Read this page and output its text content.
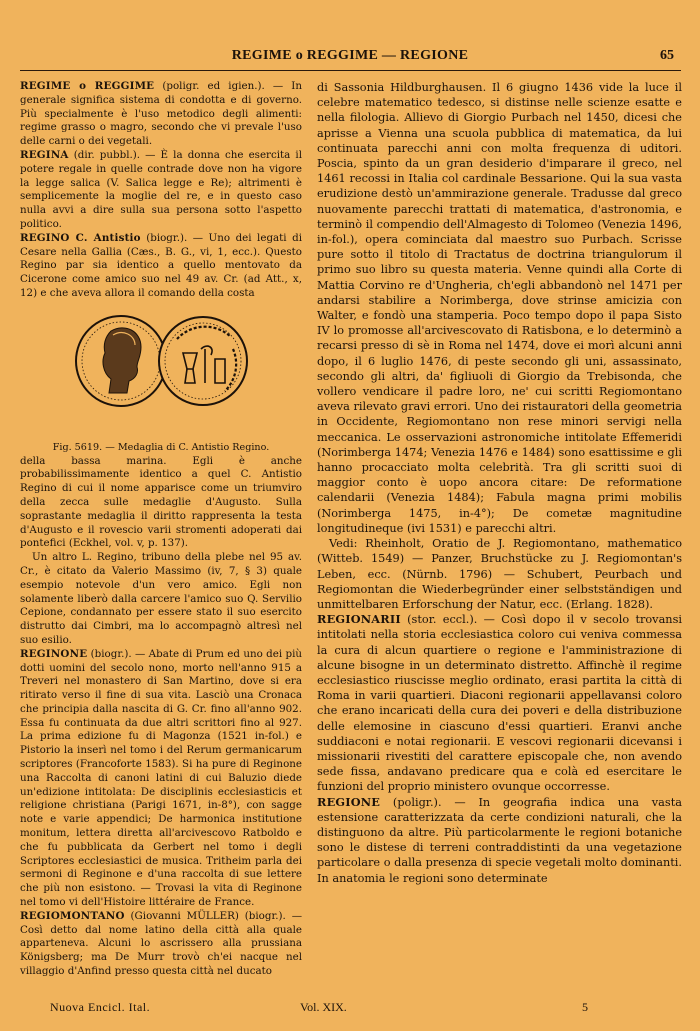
REGIME o REGGIME — REGIONE	65

REGIME o REGGIME (poligr. ed igien.). — In generale significa sistema di condotta e di governo. Più specialmente è l'uso metodico degli alimenti: regime grasso o magro, secondo che vi prevale l'uso delle carni o dei vegetali.

REGINA (dir. pubbl.). — È la donna che esercita il potere regale in quelle contrade dove non ha vigore la legge salica (V. Salica legge e Re); altrimenti è semplicemente la moglie del re, e in questo caso nulla avvi a dire sulla sua persona sotto l'aspetto politico.

REGINO C. Antistio (biogr.). — Uno dei legati di Cesare nella Gallia (Cæs., B. G., vi, 1, ecc.). Questo Regino par sia identico a quello mentovato da Cicerone come amico suo nel 49 av. Cr. (ad Att., x, 12) e che aveva allora il comando della costa

Fig. 5619. — Medaglia di C. Antistio Regino.

della bassa marina. Egli è anche probabilissimamente identico a quel C. Antistio Regino di cui il nome apparisce come un triumviro della zecca sulle medaglie d'Augusto. Sulla soprastante medaglia il diritto rappresenta la testa d'Augusto e il rovescio varii stromenti adoperati dai pontefici (Eckhel, vol. v, p. 137).

Un altro L. Regino, tribuno della plebe nel 95 av. Cr., è citato da Valerio Massimo (iv, 7, § 3) quale esempio notevole d'un vero amico. Egli non solamente liberò dalla carcere l'amico suo Q. Servilio Cepione, condannato per essere stato il suo esercito distrutto dai Cimbri, ma lo accompagnò altresì nel suo esilio.

REGINONE (biogr.). — Abate di Prum ed uno dei più dotti uomini del secolo nono, morto nell'anno 915 a Treveri nel monastero di San Martino, dove si era ritirato verso il fine di sua vita. Lasciò una Cronaca che principia dalla nascita di G. Cr. fino all'anno 902. Essa fu continuata da due altri scrittori fino al 927. La prima edizione fu di Magonza (1521 in-fol.) e Pistorio la inserì nel tomo i del Rerum germanicarum scriptores (Francoforte 1583). Si ha pure di Reginone una Raccolta di canoni latini di cui Baluzio diede un'edizione intitolata: De disciplinis ecclesiasticis et religione christiana (Parigi 1671, in-8°), con sagge note e varie appendici; De harmonica institutione monitum, lettera diretta all'arcivescovo Ratboldo e che fu pubblicata da Gerbert nel tomo i degli Scriptores ecclesiastici de musica. Tritheim parla dei sermoni di Reginone e d'una raccolta di sue lettere che più non esistono. — Trovasi la vita di Reginone nel tomo vi dell'Histoire littéraire de France.

REGIOMONTANO (Giovanni MÜLLER) (biogr.). — Così detto dal nome latino della città alla quale apparteneva. Alcuni lo ascrissero alla prussiana Königsberg; ma De Murr trovò ch'ei nacque nel villaggio d'Anfind presso questa città nel ducato

di Sassonia Hildburghausen. Il 6 giugno 1436 vide la luce il celebre matematico tedesco, si distinse nelle scienze esatte e nella filologia. Allievo di Giorgio Purbach nel 1450, dicesi che aprisse a Vienna una scuola pubblica di matematica, da lui continuata parecchi anni con molta frequenza di uditori. Poscia, spinto da un gran desiderio d'imparare il greco, nel 1461 recossi in Italia col cardinale Bessarione. Qui la sua vasta erudizione destò un'ammirazione generale. Tradusse dal greco nuovamente parecchi trattati di matematica, d'astronomia, e terminò il compendio dell'Almagesto di Tolomeo (Venezia 1496, in-fol.), opera cominciata dal maestro suo Purbach. Scrisse pure sotto il titolo di Tractatus de doctrina triangulorum il primo suo libro su questa materia. Venne quindi alla Corte di Mattia Corvino re d'Ungheria, ch'egli abbandonò nel 1471 per andarsi stabilire a Norimberga, dove strinse amicizia con Walter, e fondò una stamperia. Poco tempo dopo il papa Sisto IV lo promosse all'arcivescovato di Ratisbona, e lo determinò a recarsi presso di sè in Roma nel 1474, dove ei morì alcuni anni dopo, il 6 luglio 1476, di peste secondo gli uni, assassinato, secondo gli altri, da' figliuoli di Giorgio da Trebisonda, che vollero vendicare il padre loro, ne' cui scritti Regiomontano aveva rilevato gravi errori. Uno dei ristauratori della geometria in Occidente, Regiomontano non rese minori servigi nella meccanica. Le osservazioni astronomiche intitolate Effemeridi (Norimberga 1474; Venezia 1476 e 1484) sono esattissime e gli hanno procacciato molta celebrità. Tra gli scritti suoi di maggior conto è uopo ancora citare: De reformatione calendarii (Venezia 1484); Fabula magna primi mobilis (Norimberga 1475, in-4°); De cometæ magnitudine longitudineque (ivi 1531) e parecchi altri.

Vedi: Rheinholt, Oratio de J. Regiomontano, mathematico (Witteb. 1549) — Panzer, Bruchstücke zu J. Regiomontan's Leben, ecc. (Nürnb. 1796) — Schubert, Peurbach und Regiomontan die Wiederbegründer einer selbstständigen und unmittelbaren Erforschung der Natur, ecc. (Erlang. 1828).

REGIONARII (stor. eccl.). — Così dopo il v secolo trovansi intitolati nella storia ecclesiastica coloro cui veniva commessa la cura di alcun quartiere o regione e l'amministrazione di alcune bisogne in un determinato distretto. Affinchè il regime ecclesiastico riuscisse meglio ordinato, erasi partita la città di Roma in varii quartieri. Diaconi regionarii appellavansi coloro che erano incaricati della cura dei poveri e della distribuzione delle elemosine in ciascuno d'essi quartieri. Eranvi anche suddiaconi e notai regionarii. E vescovi regionarii dicevansi i missionarii rivestiti del carattere episcopale che, non avendo sede fissa, andavano predicare qua e colà ed esercitare le funzioni del proprio ministero ovunque occorresse.

REGIONE (poligr.). — In geografia indica una vasta estensione caratterizzata da certe condizioni naturali, che la distinguono da altre. Più particolarmente le regioni botaniche sono le distese di terreni contraddistinti da una vegetazione particolare o dalla presenza di specie vegetali molto dominanti. In anatomia le regioni sono determinate

Nuova Encicl. Ital.	Vol. XIX.	5
